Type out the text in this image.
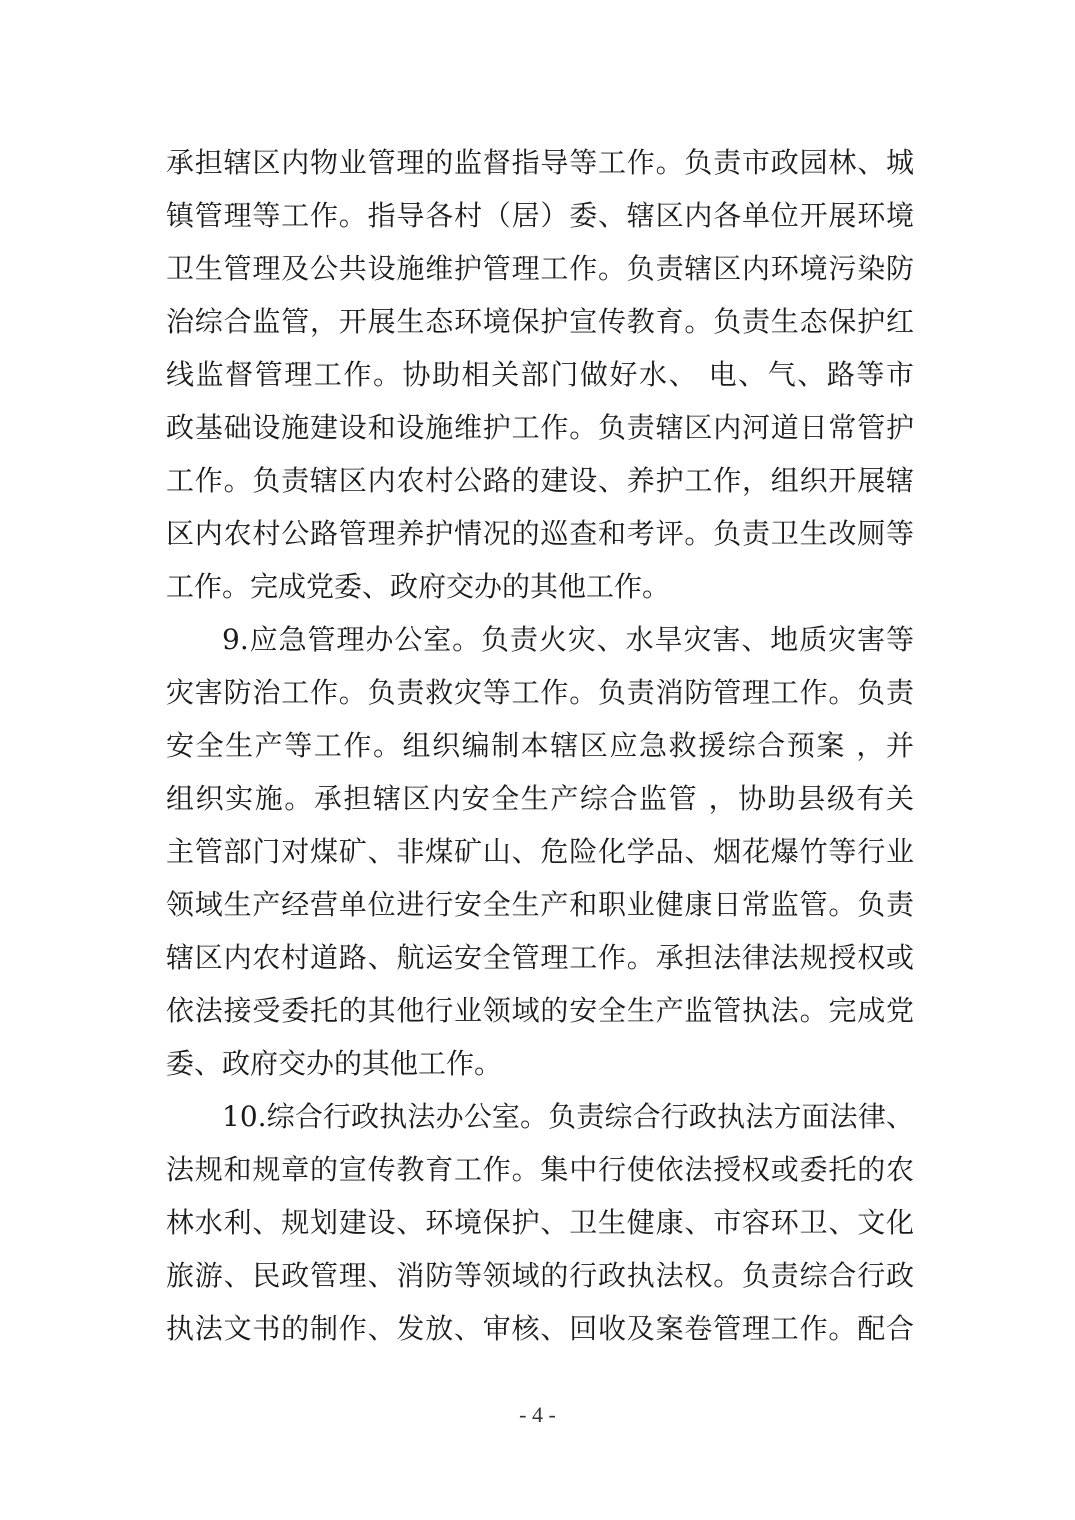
承担辖区内物业管理的监督指导等工作。负责市政园林、城
镇管理等工作。指导各村（居）委、辖区内各单位开展环境
卫生管理及公共设施维护管理工作。负责辖区内环境污染防
治综合监管，开展生态环境保护宣传教育。负责生态保护红
线监督管理工作。协助相关部门做好水、 电、气、路等市
政基础设施建设和设施维护工作。负责辖区内河道日常管护
工作。负责辖区内农村公路的建设、养护工作，组织开展辖
区内农村公路管理养护情况的巡查和考评。负责卫生改厕等
工作。完成党委、政府交办的其他工作。
9.应急管理办公室。负责火灾、水旱灾害、地质灾害等
灾害防治工作。负责救灾等工作。负责消防管理工作。负责
安全生产等工作。组织编制本辖区应急救援综合预案 ，并
组织实施。承担辖区内安全生产综合监管 ，协助县级有关
主管部门对煤矿、非煤矿山、危险化学品、烟花爆竹等行业
领域生产经营单位进行安全生产和职业健康日常监管。负责
辖区内农村道路、航运安全管理工作。承担法律法规授权或
依法接受委托的其他行业领域的安全生产监管执法。完成党
委、政府交办的其他工作。
10.综合行政执法办公室。负责综合行政执法方面法律、
法规和规章的宣传教育工作。集中行使依法授权或委托的农
林水利、规划建设、环境保护、卫生健康、市容环卫、文化
旅游、民政管理、消防等领域的行政执法权。负责综合行政
执法文书的制作、发放、审核、回收及案卷管理工作。配合
- 4 -
